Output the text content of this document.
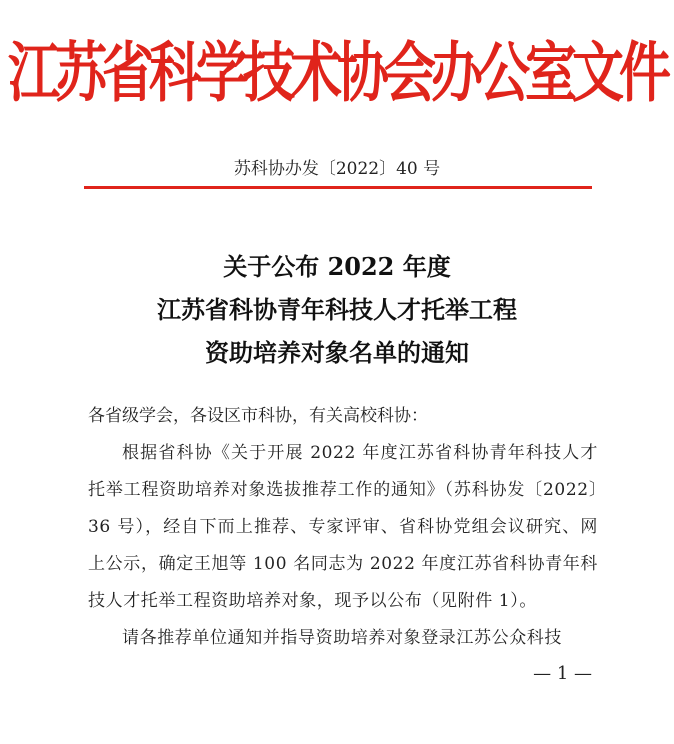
江苏省科学技术协会办公室文件
苏科协办发〔2022〕40 号
关于公布 2022 年度
江苏省科协青年科技人才托举工程
资助培养对象名单的通知
各省级学会，各设区市科协，有关高校科协：
根据省科协《关于开展 2022 年度江苏省科协青年科技人才托举工程资助培养对象选拔推荐工作的通知》（苏科协发〔2022〕36 号），经自下而上推荐、专家评审、省科协党组会议研究、网上公示，确定王旭等 100 名同志为 2022 年度江苏省科协青年科技人才托举工程资助培养对象，现予以公布（见附件 1）。
请各推荐单位通知并指导资助培养对象登录江苏公众科技
— 1 —
